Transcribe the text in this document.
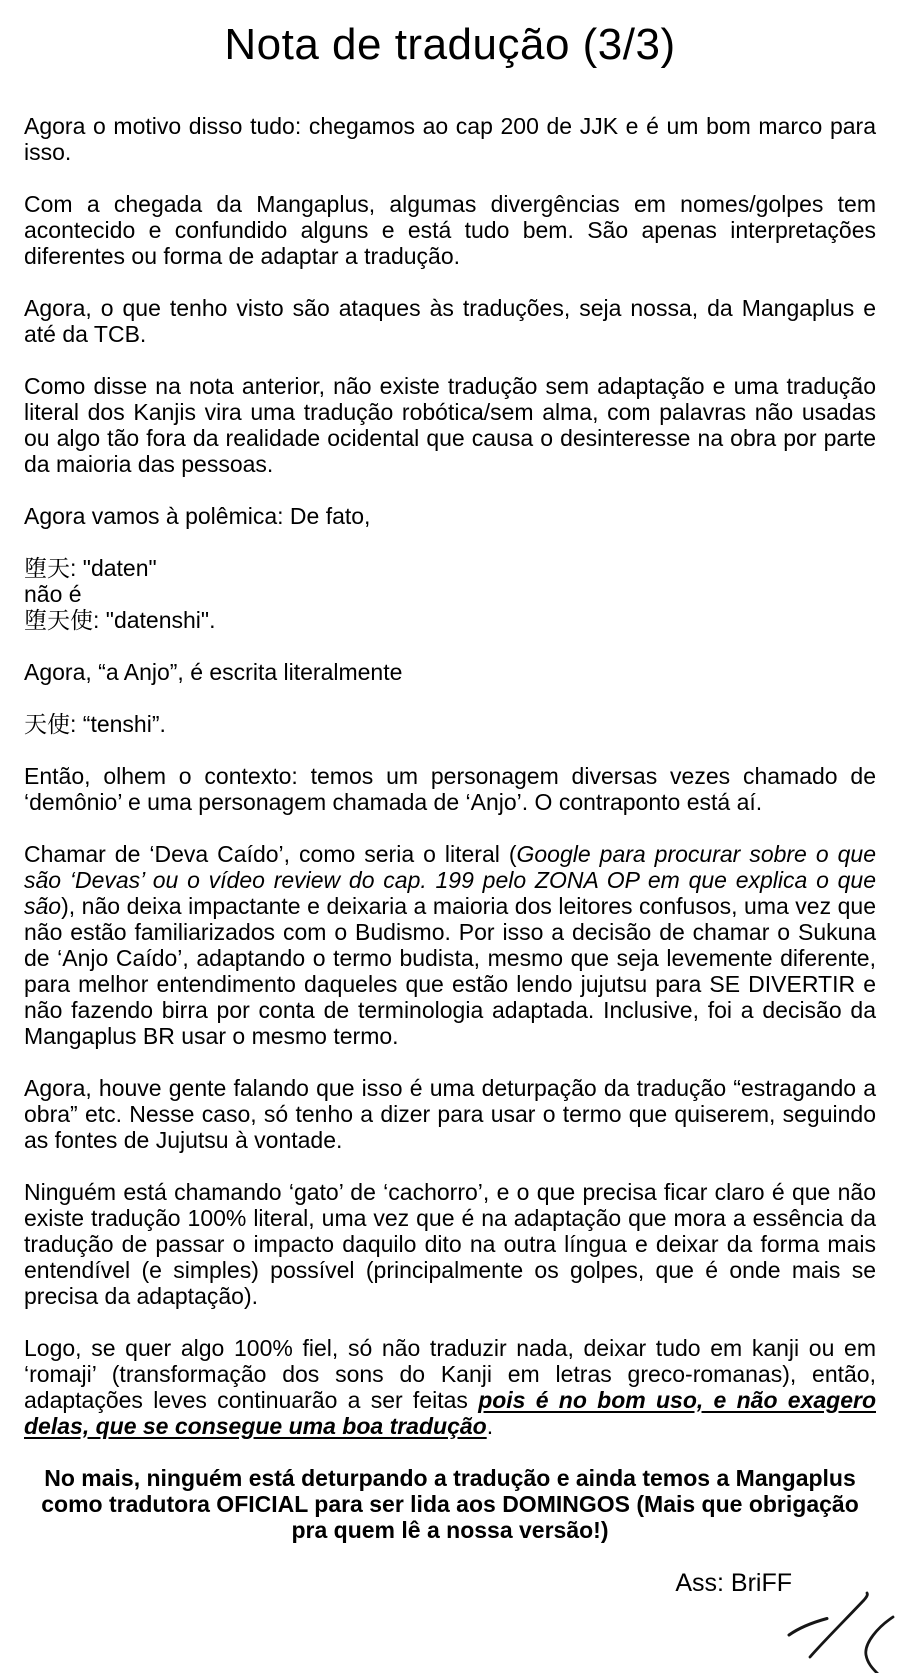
Nota de tradução (3/3)

Agora o motivo disso tudo: chegamos ao cap 200 de JJK e é um bom marco para isso.

Com a chegada da Mangaplus, algumas divergências em nomes/golpes tem acontecido e confundido alguns e está tudo bem. São apenas interpretações diferentes ou forma de adaptar a tradução.

Agora, o que tenho visto são ataques às traduções, seja nossa, da Mangaplus e até da TCB.

Como disse na nota anterior, não existe tradução sem adaptação e uma tradução literal dos Kanjis vira uma tradução robótica/sem alma, com palavras não usadas ou algo tão fora da realidade ocidental que causa o desinteresse na obra por parte da maioria das pessoas.

Agora vamos à polêmica: De fato,

堕天: "daten"
não é
堕天使: "datenshi".

Agora, “a Anjo”, é escrita literalmente

天使: “tenshi”.

Então, olhem o contexto: temos um personagem diversas vezes chamado de ‘demônio’ e uma personagem chamada de ‘Anjo’. O contraponto está aí.

Chamar de ‘Deva Caído’, como seria o literal (Google para procurar sobre o que são ‘Devas’ ou o vídeo review do cap. 199 pelo ZONA OP em que explica o que são), não deixa impactante e deixaria a maioria dos leitores confusos, uma vez que não estão familiarizados com o Budismo. Por isso a decisão de chamar o Sukuna de ‘Anjo Caído’, adaptando o termo budista, mesmo que seja levemente diferente, para melhor entendimento daqueles que estão lendo jujutsu para SE DIVERTIR e não fazendo birra por conta de terminologia adaptada. Inclusive, foi a decisão da Mangaplus BR usar o mesmo termo.

Agora, houve gente falando que isso é uma deturpação da tradução “estragando a obra” etc. Nesse caso, só tenho a dizer para usar o termo que quiserem, seguindo as fontes de Jujutsu à vontade.

Ninguém está chamando ‘gato’ de ‘cachorro’, e o que precisa ficar claro é que não existe tradução 100% literal, uma vez que é na adaptação que mora a essência da tradução de passar o impacto daquilo dito na outra língua e deixar da forma mais entendível (e simples) possível (principalmente os golpes, que é onde mais se precisa da adaptação).

Logo, se quer algo 100% fiel, só não traduzir nada, deixar tudo em kanji ou em ‘romaji’ (transformação dos sons do Kanji em letras greco-romanas), então, adaptações leves continuarão a ser feitas pois é no bom uso, e não exagero delas, que se consegue uma boa tradução.

No mais, ninguém está deturpando a tradução e ainda temos a Mangaplus como tradutora OFICIAL para ser lida aos DOMINGOS (Mais que obrigação pra quem lê a nossa versão!)

Ass: BriFF
